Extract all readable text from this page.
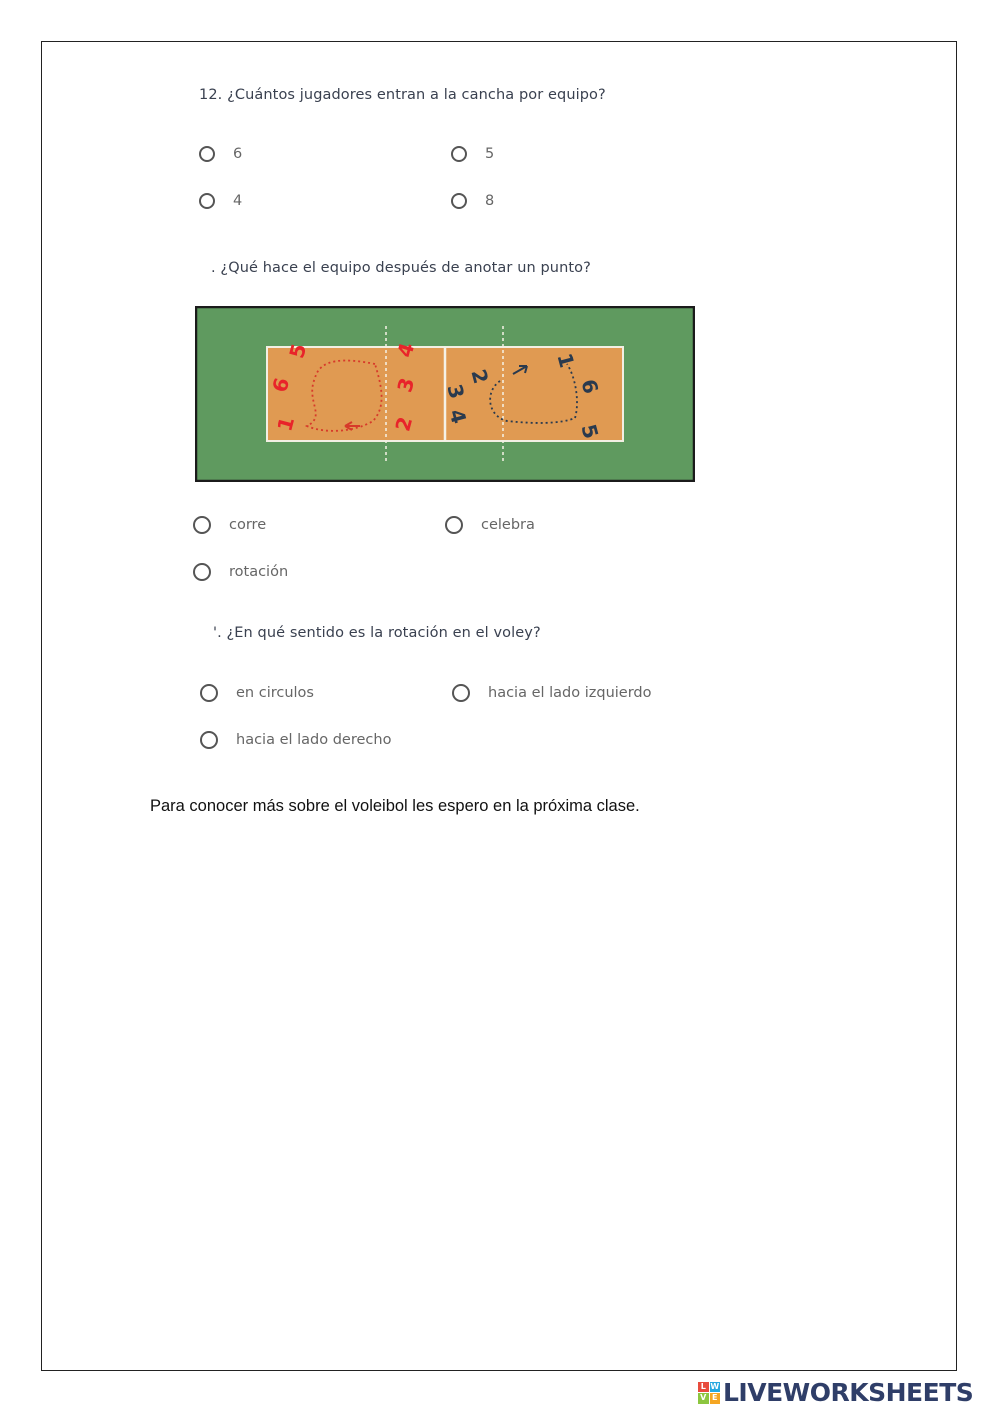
12. ¿Cuántos jugadores entran a la cancha por equipo?
6	5
4	8
. ¿Qué hace el equipo después de anotar un punto?
5	4
6	3
1	2
2
1
3	6
4
5
corre	celebra
rotación
'. ¿En qué sentido es la rotación en el voley?
en circulos	hacia el lado izquierdo
hacia el lado derecho
Para conocer más sobre el voleibol les espero en la próxima clase.
L W
V E LIVEWORKSHEETS
